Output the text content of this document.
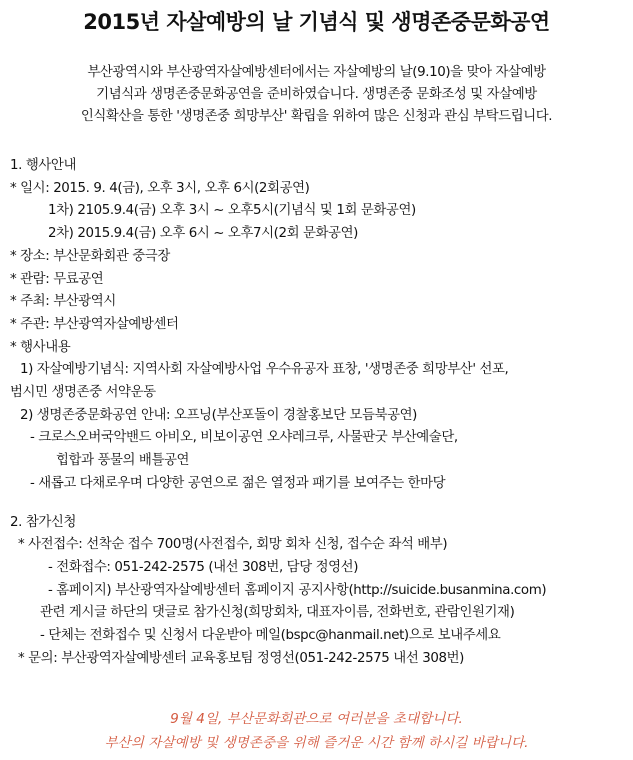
2015년 자살예방의 날 기념식 및 생명존중문화공연
부산광역시와 부산광역자살예방센터에서는 자살예방의 날(9.10)을 맞아 자살예방
기념식과 생명존중문화공연을 준비하였습니다. 생명존중 문화조성 및 자살예방
인식확산을 통한 '생명존중 희망부산' 확립을 위하여 많은 신청과 관심 부탁드립니다.
1. 행사안내
* 일시: 2015. 9. 4(금), 오후 3시, 오후 6시(2회공연)
1차) 2105.9.4(금) 오후 3시 ~ 오후5시(기념식 및 1회 문화공연)
2차) 2015.9.4(금) 오후 6시 ~ 오후7시(2회 문화공연)
* 장소: 부산문화회관 중극장
* 관람: 무료공연
* 주최: 부산광역시
* 주관: 부산광역자살예방센터
* 행사내용
1) 자살예방기념식: 지역사회 자살예방사업 우수유공자 표창, '생명존중 희망부산' 선포,
범시민 생명존중 서약운동
2) 생명존중문화공연 안내: 오프닝(부산포돌이 경찰홍보단 모듬북공연)
- 크로스오버국악밴드 아비오, 비보이공연 오샤레크루, 사물판굿 부산예술단,
힙합과 풍물의 배틀공연
- 새롭고 다채로우며 다양한 공연으로 젊은 열정과 패기를 보여주는 한마당
2. 참가신청
* 사전접수: 선착순 접수 700명(사전접수, 회망 회차 신청, 접수순 좌석 배부)
- 전화접수: 051-242-2575 (내선 308번, 담당 정영선)
- 홈페이지) 부산광역자살예방센터 홈페이지 공지사항(http://suicide.busanmina.com)
관련 게시글 하단의 댓글로 참가신청(희망회차, 대표자이름, 전화번호, 관람인원기재)
- 단체는 전화접수 및 신청서 다운받아 메일(bspc@hanmail.net)으로 보내주세요
* 문의: 부산광역자살예방센터 교육홍보팀 정영선(051-242-2575 내선 308번)
9월 4일, 부산문화회관으로 여러분을 초대합니다.
부산의 자살예방 및 생명존중을 위해 즐거운 시간 함께 하시길 바랍니다.
